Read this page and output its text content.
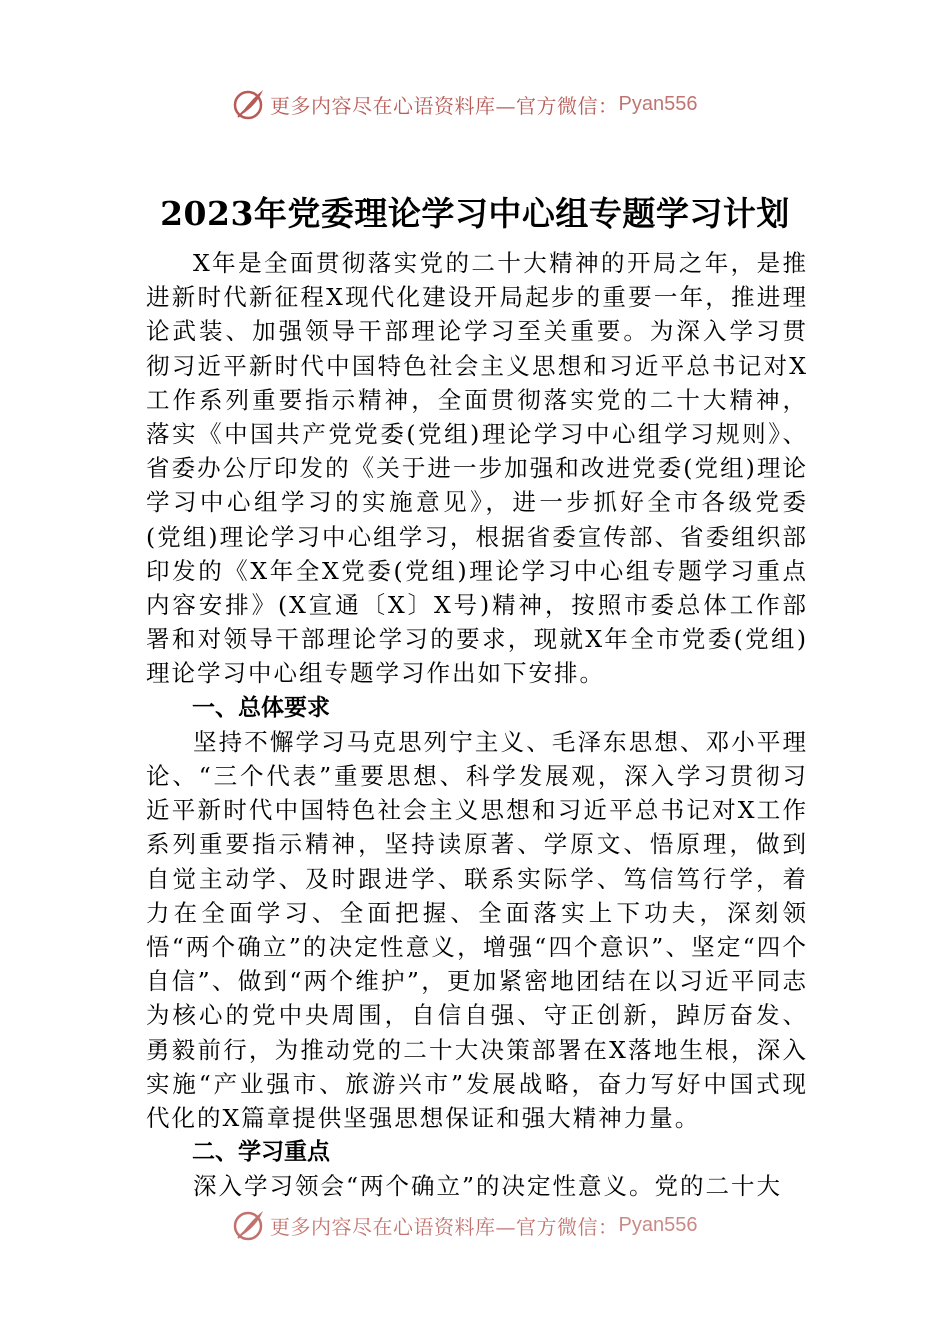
更多内容尽在心语资料库—官方微信： Pyan556
2023年党委理论学习中心组专题学习计划

X年是全面贯彻落实党的二十大精神的开局之年，是推进新时代新征程X现代化建设开局起步的重要一年，推进理论武装、加强领导干部理论学习至关重要。为深入学习贯彻习近平新时代中国特色社会主义思想和习近平总书记对X工作系列重要指示精神，全面贯彻落实党的二十大精神，落实《中国共产党党委(党组)理论学习中心组学习规则》、省委办公厅印发的《关于进一步加强和改进党委(党组)理论学习中心组学习的实施意见》，进一步抓好全市各级党委(党组)理论学习中心组学习，根据省委宣传部、省委组织部印发的《X年全X党委(党组)理论学习中心组专题学习重点内容安排》(X宣通〔X〕X号)精神，按照市委总体工作部署和对领导干部理论学习的要求，现就X年全市党委(党组)理论学习中心组专题学习作出如下安排。

一、总体要求

坚持不懈学习马克思列宁主义、毛泽东思想、邓小平理论、“三个代表”重要思想、科学发展观，深入学习贯彻习近平新时代中国特色社会主义思想和习近平总书记对X工作系列重要指示精神，坚持读原著、学原文、悟原理，做到自觉主动学、及时跟进学、联系实际学、笃信笃行学，着力在全面学习、全面把握、全面落实上下功夫，深刻领悟“两个确立”的决定性意义，增强“四个意识”、坚定“四个自信”、做到“两个维护”，更加紧密地团结在以习近平同志为核心的党中央周围，自信自强、守正创新，踔厉奋发、勇毅前行，为推动党的二十大决策部署在X落地生根，深入实施“产业强市、旅游兴市”发展战略，奋力写好中国式现代化的X篇章提供坚强思想保证和强大精神力量。

二、学习重点

深入学习领会“两个确立”的决定性意义。党的二十大

更多内容尽在心语资料库—官方微信： Pyan556
